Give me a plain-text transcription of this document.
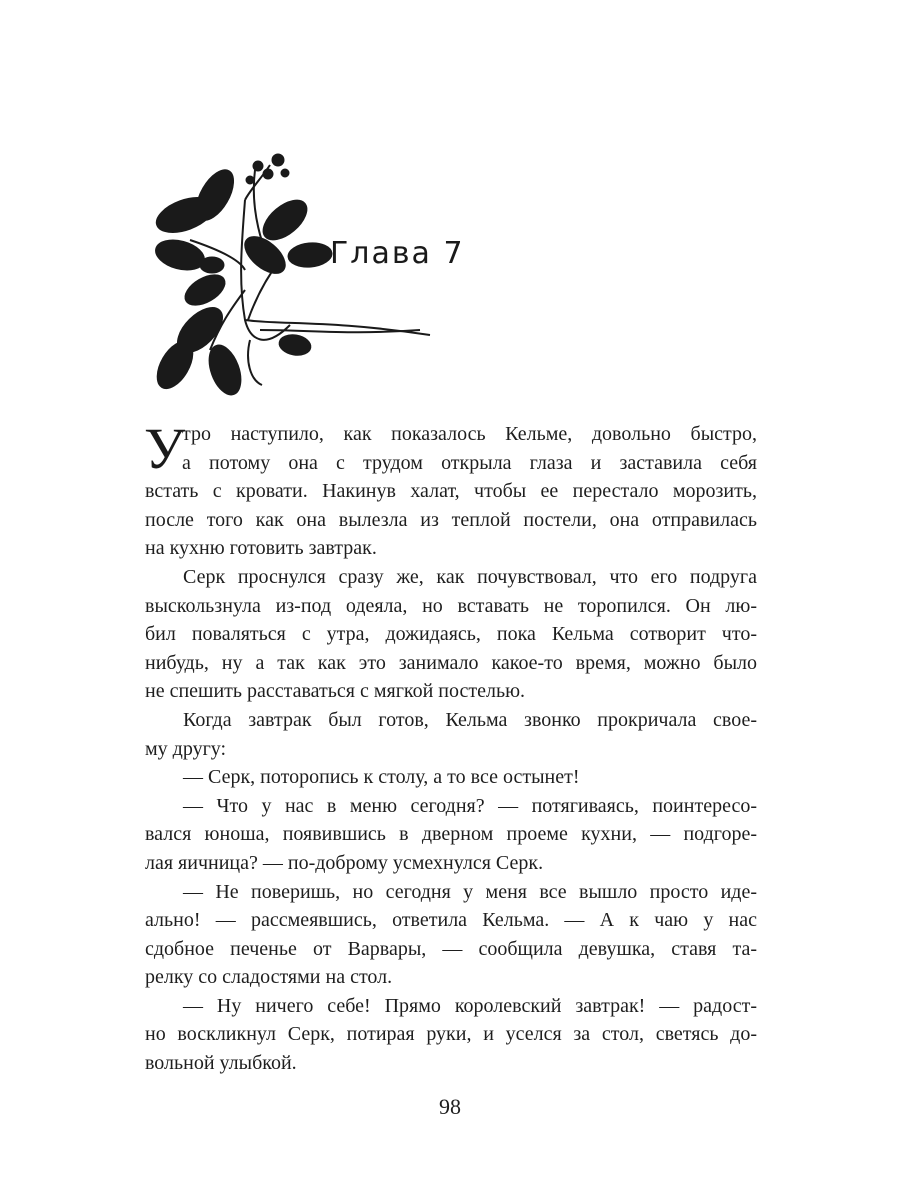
Глава 7
У
тро наступило, как показалось Кельме, довольно быстро,
а потому она с трудом открыла глаза и заставила себя
встать с кровати. Накинув халат, чтобы ее перестало морозить,
после того как она вылезла из теплой постели, она отправилась
на кухню готовить завтрак.
Серк проснулся сразу же, как почувствовал, что его подруга
выскользнула из-под одеяла, но вставать не торопился. Он лю-
бил поваляться с утра, дожидаясь, пока Кельма сотворит что-
нибудь, ну а так как это занимало какое-то время, можно было
не спешить расставаться с мягкой постелью.
Когда завтрак был готов, Кельма звонко прокричала свое-
му другу:
— Серк, поторопись к столу, а то все остынет!
— Что у нас в меню сегодня? — потягиваясь, поинтересо-
вался юноша, появившись в дверном проеме кухни, — подгоре-
лая яичница? — по-доброму усмехнулся Серк.
— Не поверишь, но сегодня у меня все вышло просто иде-
ально! — рассмеявшись, ответила Кельма. — А к чаю у нас
сдобное печенье от Варвары, — сообщила девушка, ставя та-
релку со сладостями на стол.
— Ну ничего себе! Прямо королевский завтрак! — радост-
но воскликнул Серк, потирая руки, и уселся за стол, светясь до-
вольной улыбкой.
98
